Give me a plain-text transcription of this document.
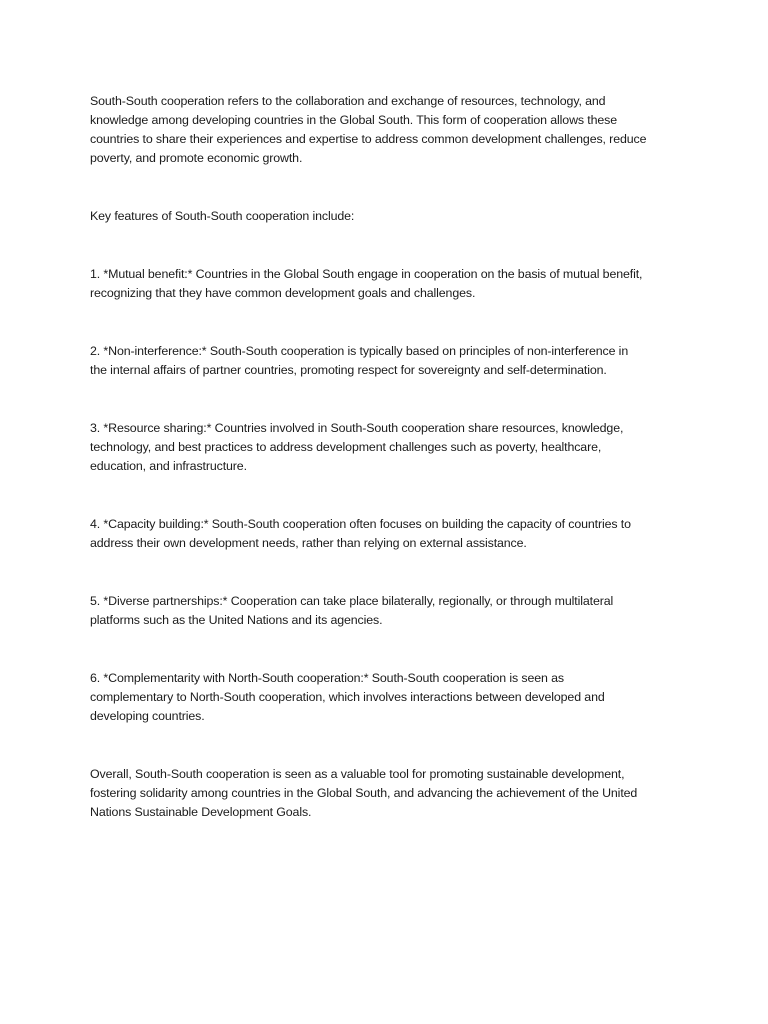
South-South cooperation refers to the collaboration and exchange of resources, technology, and

knowledge among developing countries in the Global South. This form of cooperation allows these

countries to share their experiences and expertise to address common development challenges, reduce

poverty, and promote economic growth.

Key features of South-South cooperation include:

1. *Mutual benefit:* Countries in the Global South engage in cooperation on the basis of mutual benefit,

recognizing that they have common development goals and challenges.

2. *Non-interference:* South-South cooperation is typically based on principles of non-interference in

the internal affairs of partner countries, promoting respect for sovereignty and self-determination.

3. *Resource sharing:* Countries involved in South-South cooperation share resources, knowledge,

technology, and best practices to address development challenges such as poverty, healthcare,

education, and infrastructure.

4. *Capacity building:* South-South cooperation often focuses on building the capacity of countries to

address their own development needs, rather than relying on external assistance.

5. *Diverse partnerships:* Cooperation can take place bilaterally, regionally, or through multilateral

platforms such as the United Nations and its agencies.

6. *Complementarity with North-South cooperation:* South-South cooperation is seen as

complementary to North-South cooperation, which involves interactions between developed and

developing countries.

Overall, South-South cooperation is seen as a valuable tool for promoting sustainable development,

fostering solidarity among countries in the Global South, and advancing the achievement of the United

Nations Sustainable Development Goals.
